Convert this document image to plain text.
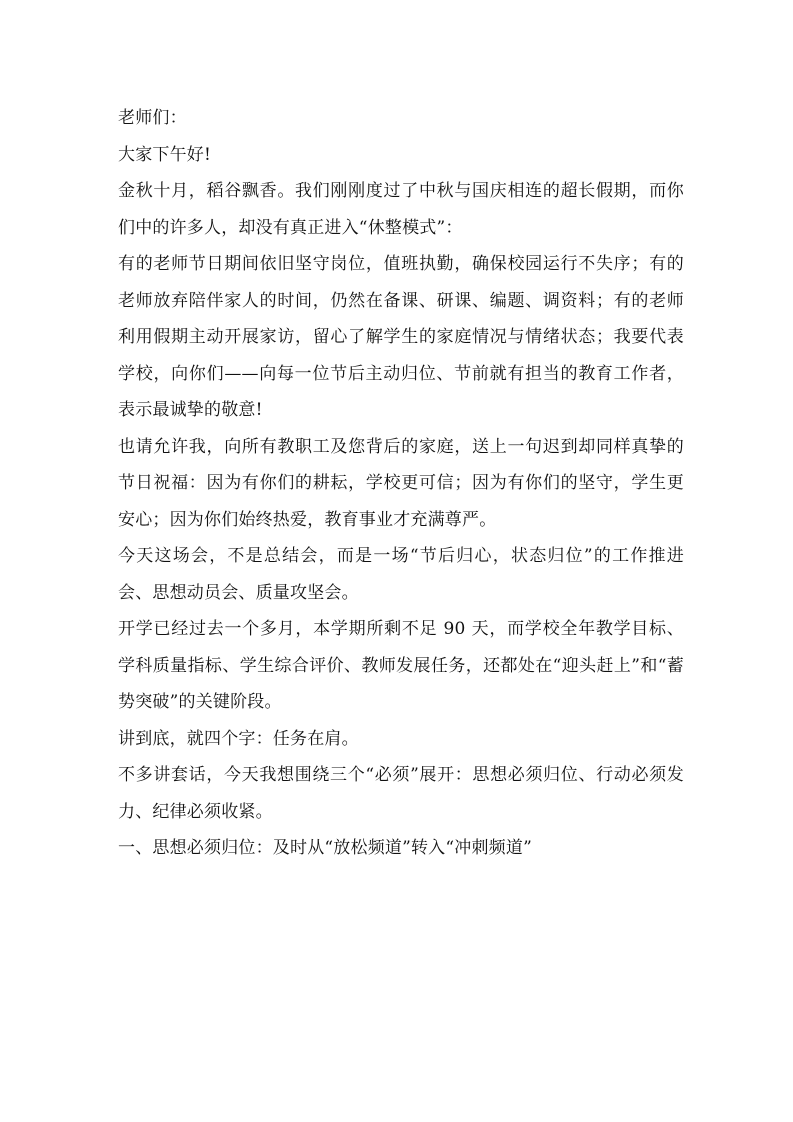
老师们：

大家下午好!

金秋十月，稻谷飘香。我们刚刚度过了中秋与国庆相连的超长假期，而你们中的许多人，却没有真正进入“休整模式”：

有的老师节日期间依旧坚守岗位，值班执勤，确保校园运行不失序；有的老师放弃陪伴家人的时间，仍然在备课、研课、编题、调资料；有的老师利用假期主动开展家访，留心了解学生的家庭情况与情绪状态；我要代表学校，向你们——向每一位节后主动归位、节前就有担当的教育工作者，表示最诚挚的敬意!

也请允许我，向所有教职工及您背后的家庭，送上一句迟到却同样真挚的节日祝福：因为有你们的耕耘，学校更可信；因为有你们的坚守，学生更安心；因为你们始终热爱，教育事业才充满尊严。

今天这场会，不是总结会，而是一场“节后归心，状态归位”的工作推进会、思想动员会、质量攻坚会。

开学已经过去一个多月，本学期所剩不足 90 天，而学校全年教学目标、学科质量指标、学生综合评价、教师发展任务，还都处在“迎头赶上”和“蓄势突破”的关键阶段。

讲到底，就四个字：任务在肩。

不多讲套话，今天我想围绕三个“必须”展开：思想必须归位、行动必须发力、纪律必须收紧。

一、思想必须归位：及时从“放松频道”转入“冲刺频道”
